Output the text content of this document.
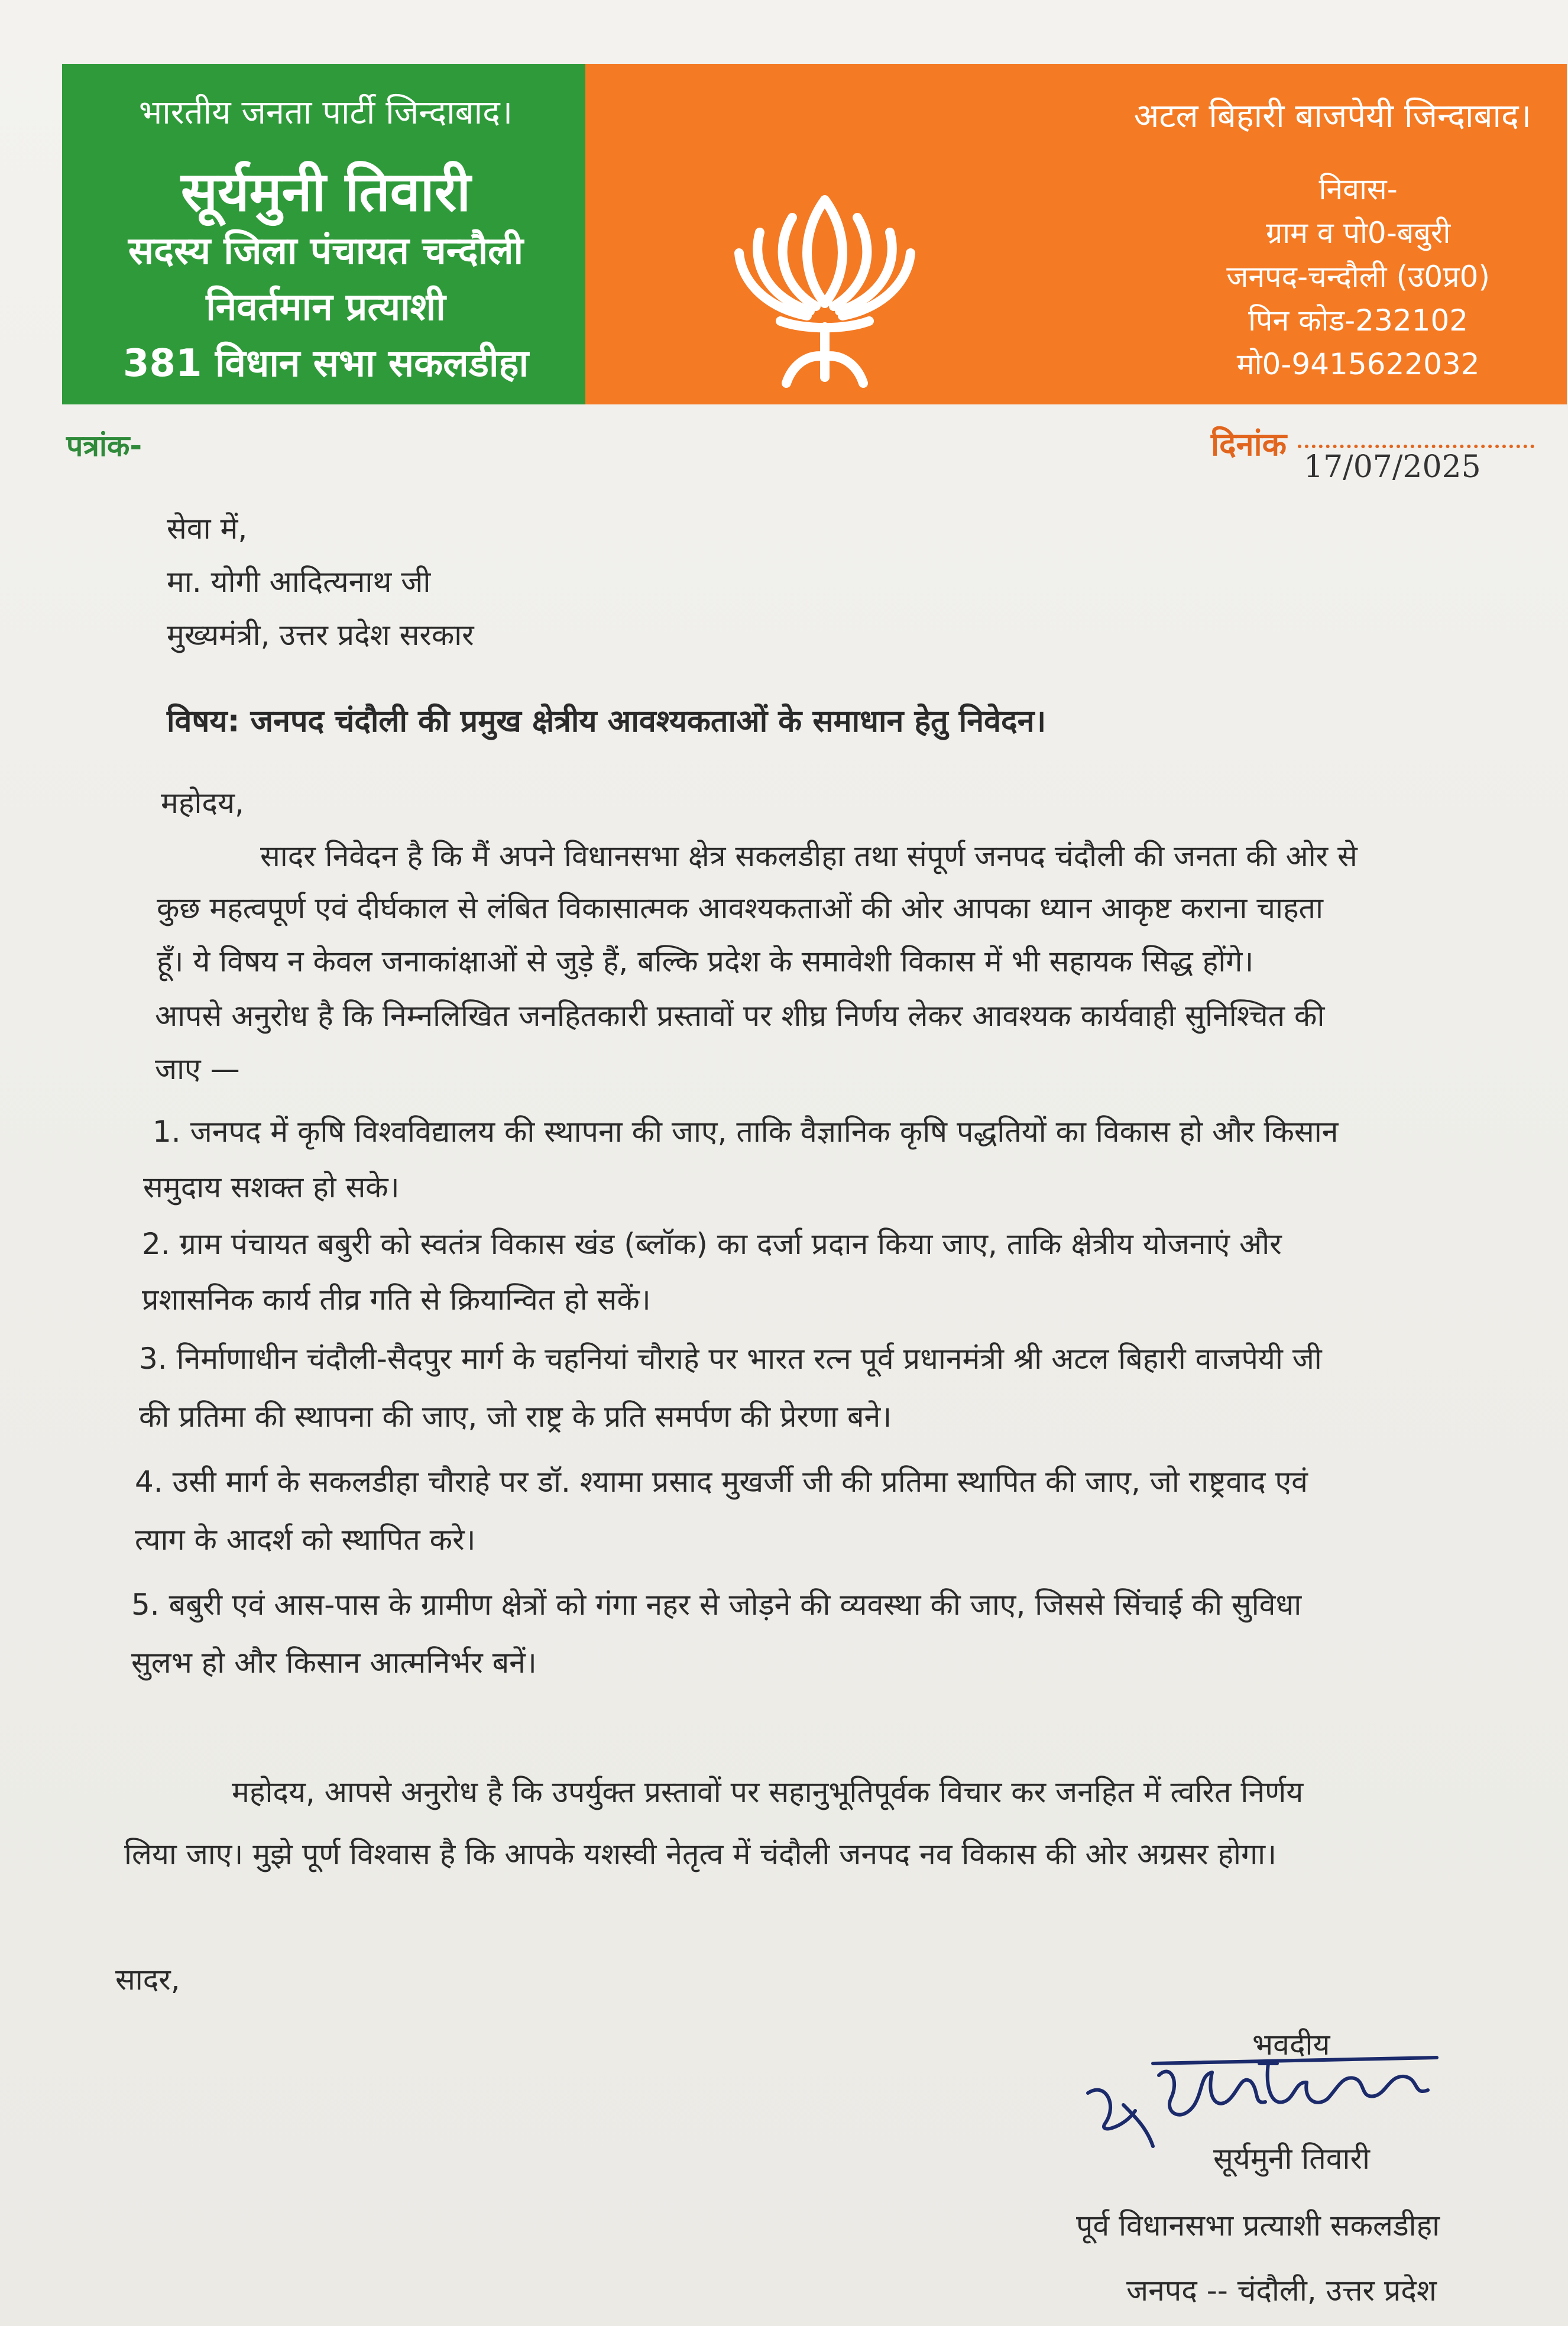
भारतीय जनता पार्टी जिन्दाबाद।
सूर्यमुनी तिवारी
सदस्य जिला पंचायत चन्दौली
निवर्तमान प्रत्याशी
381 विधान सभा सकलडीहा
अटल बिहारी बाजपेयी जिन्दाबाद।
निवास-
ग्राम व पो0-बबुरी
जनपद-चन्दौली (उ0प्र0)
पिन कोड-232102
मो0-9415622032
पत्रांक-	दिनांक
17/07/2025
सेवा में,
मा. योगी आदित्यनाथ जी
मुख्यमंत्री, उत्तर प्रदेश सरकार
विषय: जनपद चंदौली की प्रमुख क्षेत्रीय आवश्यकताओं के समाधान हेतु निवेदन।
महोदय,
सादर निवेदन है कि मैं अपने विधानसभा क्षेत्र सकलडीहा तथा संपूर्ण जनपद चंदौली की जनता की ओर से
कुछ महत्वपूर्ण एवं दीर्घकाल से लंबित विकासात्मक आवश्यकताओं की ओर आपका ध्यान आकृष्ट कराना चाहता
हूँ। ये विषय न केवल जनाकांक्षाओं से जुड़े हैं, बल्कि प्रदेश के समावेशी विकास में भी सहायक सिद्ध होंगे।
आपसे अनुरोध है कि निम्नलिखित जनहितकारी प्रस्तावों पर शीघ्र निर्णय लेकर आवश्यक कार्यवाही सुनिश्चित की
जाए —
1. जनपद में कृषि विश्वविद्यालय की स्थापना की जाए, ताकि वैज्ञानिक कृषि पद्धतियों का विकास हो और किसान
समुदाय सशक्त हो सके।
2. ग्राम पंचायत बबुरी को स्वतंत्र विकास खंड (ब्लॉक) का दर्जा प्रदान किया जाए, ताकि क्षेत्रीय योजनाएं और
प्रशासनिक कार्य तीव्र गति से क्रियान्वित हो सकें।
3. निर्माणाधीन चंदौली-सैदपुर मार्ग के चहनियां चौराहे पर भारत रत्न पूर्व प्रधानमंत्री श्री अटल बिहारी वाजपेयी जी
की प्रतिमा की स्थापना की जाए, जो राष्ट्र के प्रति समर्पण की प्रेरणा बने।
4. उसी मार्ग के सकलडीहा चौराहे पर डॉ. श्यामा प्रसाद मुखर्जी जी की प्रतिमा स्थापित की जाए, जो राष्ट्रवाद एवं
त्याग के आदर्श को स्थापित करे।
5. बबुरी एवं आस-पास के ग्रामीण क्षेत्रों को गंगा नहर से जोड़ने की व्यवस्था की जाए, जिससे सिंचाई की सुविधा
सुलभ हो और किसान आत्मनिर्भर बनें।
महोदय, आपसे अनुरोध है कि उपर्युक्त प्रस्तावों पर सहानुभूतिपूर्वक विचार कर जनहित में त्वरित निर्णय
लिया जाए। मुझे पूर्ण विश्वास है कि आपके यशस्वी नेतृत्व में चंदौली जनपद नव विकास की ओर अग्रसर होगा।
सादर,
भवदीय
सूर्यमुनी तिवारी
पूर्व विधानसभा प्रत्याशी सकलडीहा
जनपद -- चंदौली, उत्तर प्रदेश
